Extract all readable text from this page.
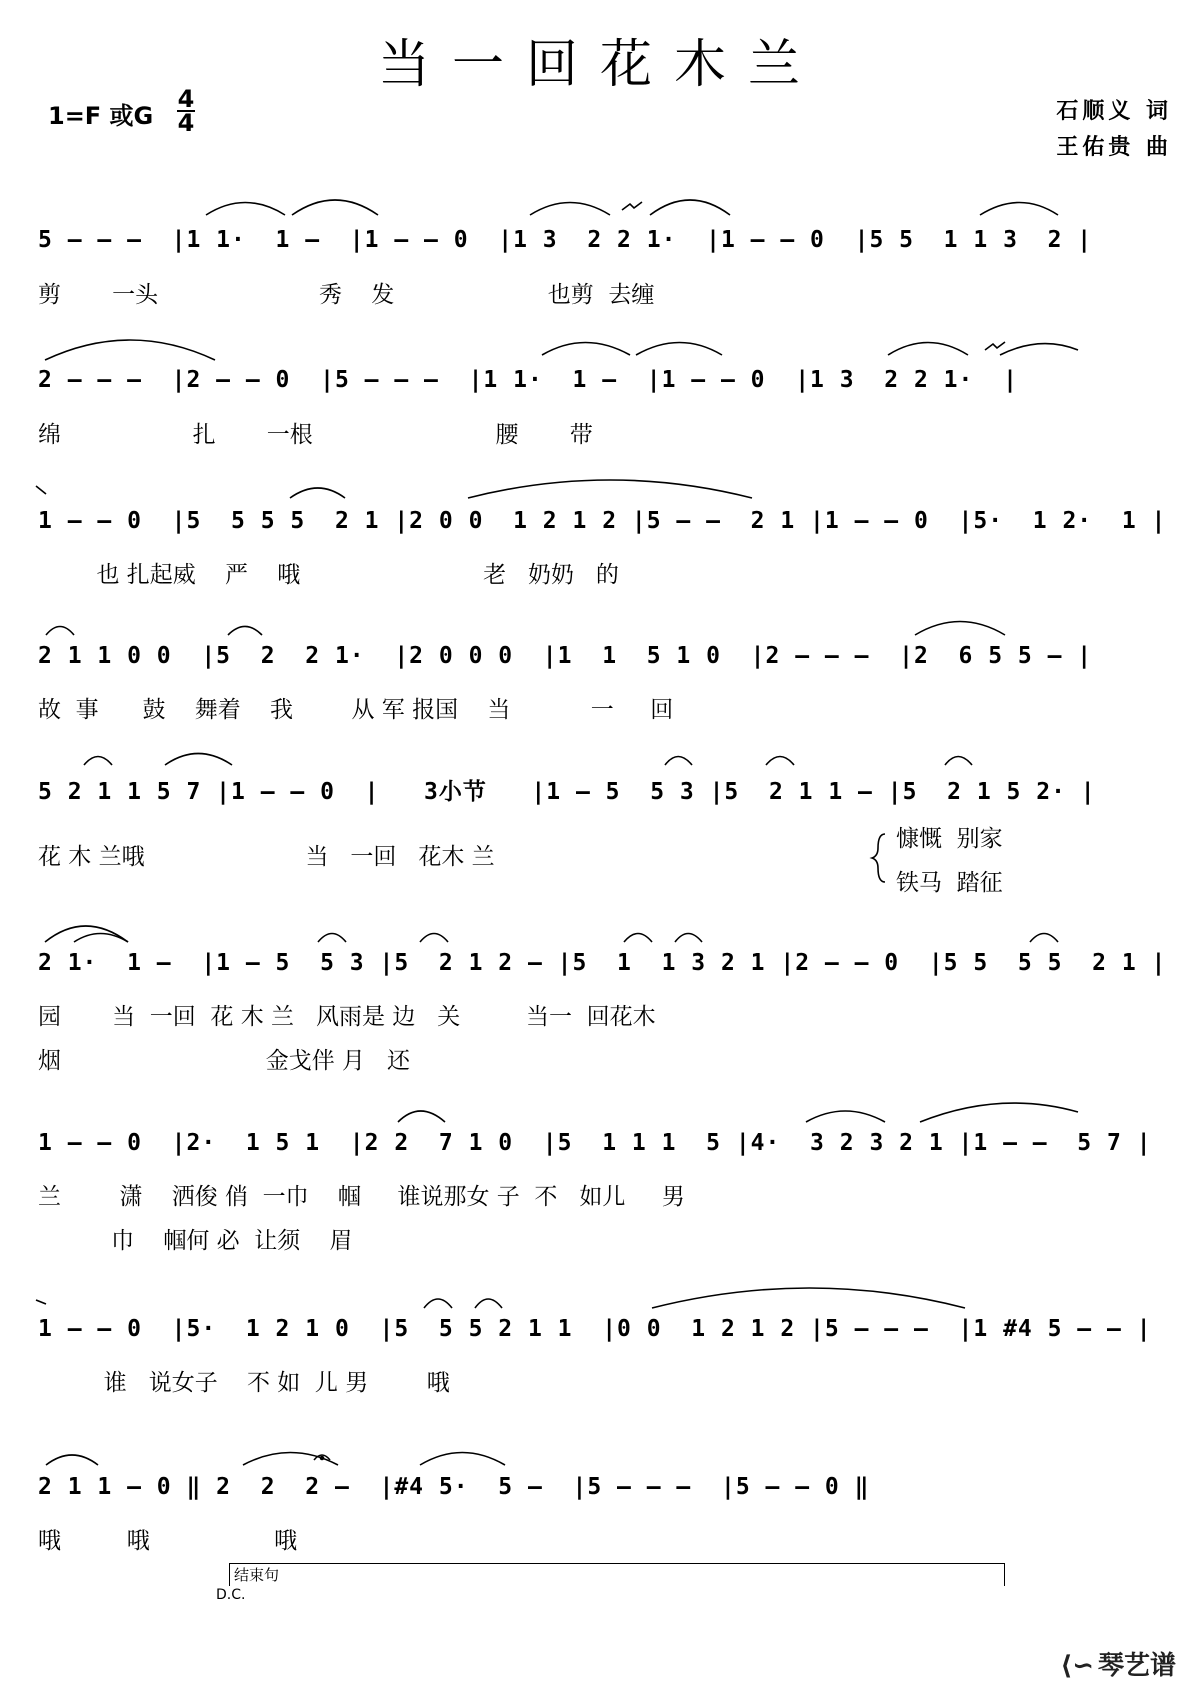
当一回花木兰
1=F 或G
4
4	石顺义 词
王佑贵 曲
5 – – –  |1 1·  1 –  |1 – – 0  |1 3  2 2 1·  |1 – – 0  |5 5  1 1 3  2 |
剪       一头                      秀    发                     也剪  去缠
2 – – –  |2 – – 0  |5 – – –  |1 1·  1 –  |1 – – 0  |1 3  2 2 1·  |
绵                  扎       一根                         腰       带
1 – – 0  |5  5 5 5  2 1 |2 0 0  1 2 1 2 |5 – –  2 1 |1 – – 0  |5·  1 2·  1 |
也 扎起威    严    哦                         老   奶奶   的
2 1 1 0 0  |5  2  2 1·  |2 0 0 0  |1  1  5 1 0  |2 – – –  |2  6 5 5 – |
故  事      鼓    舞着    我        从 军 报国    当           一     回
5 2 1 1 5 7 |1 – – 0  |   3小节   |1 – 5  5 3 |5  2 1 1 – |5  2 1 5 2· |
花 木 兰哦                      当   一回   花木 兰
慷慨  别家
铁马  踏征
2 1·  1 –  |1 – 5  5 3 |5  2 1 2 – |5  1  1 3 2 1 |2 – – 0  |5 5  5 5  2 1 |
园       当  一回  花 木 兰   风雨是 边   关         当一  回花木
烟                            金戈伴 月   还
1 – – 0  |2·  1 5 1  |2 2  7 1 0  |5  1 1 1  5 |4·  3 2 3 2 1 |1 – –  5 7 |
兰        潇    洒俊 俏  一巾    帼     谁说那女 子  不   如儿     男
巾    帼何 必  让须    眉
1 – – 0  |5·  1 2 1 0  |5  5 5 2 1 1  |0 0  1 2 1 2 |5 – – –  |1 #4 5 – – |
谁   说女子    不 如  儿 男        哦
结束句
2 1 1 – 0 ‖ 2  2  2 –  |#4 5·  5 –  |5 – – –  |5 – – 0 ‖
D.C.
哦         哦                 哦
⟨∽ 琴艺谱
